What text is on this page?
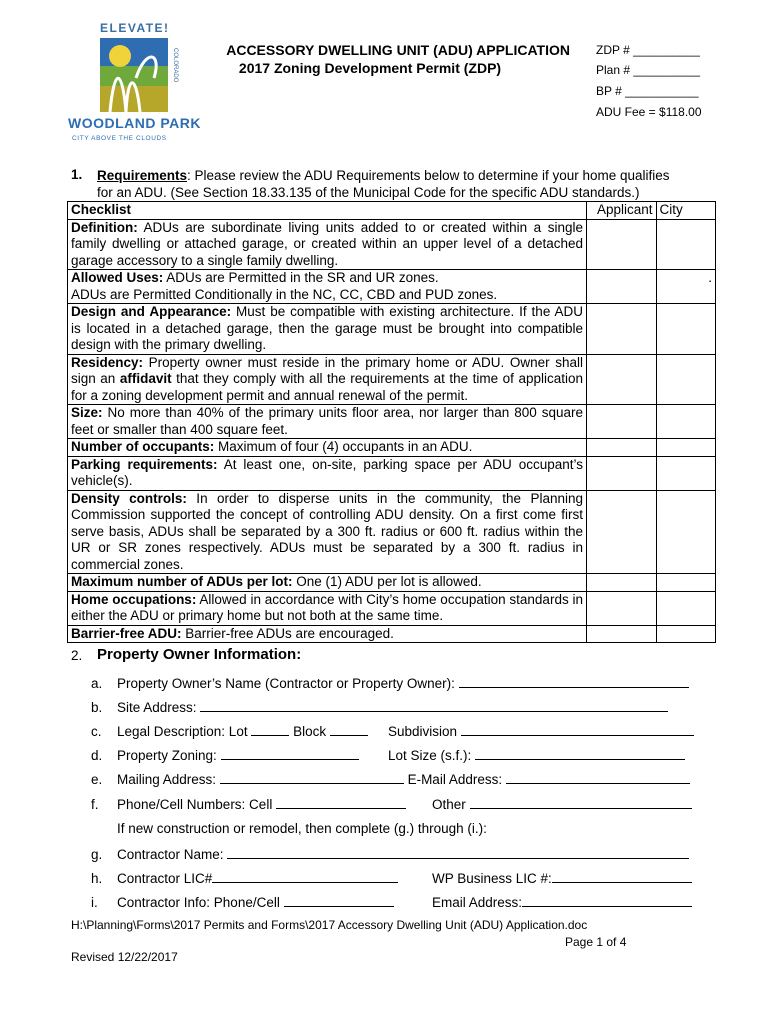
ELEVATE!
COLORADO
WOODLAND PARK
CITY ABOVE THE CLOUDS
ACCESSORY DWELLING UNIT (ADU) APPLICATION
2017 Zoning Development Permit (ZDP)
ZDP # __________
Plan # __________
BP # ___________
ADU Fee = $118.00
1. Requirements: Please review the ADU Requirements below to determine if your home qualifies
for an ADU. (See Section 18.33.135 of the Municipal Code for the specific ADU standards.)
Checklist	Applicant	City
Definition: ADUs are subordinate living units added to or created within a single family dwelling or attached garage, or created within an upper level of a detached garage accessory to a single family dwelling.		
Allowed Uses: ADUs are Permitted in the SR and UR zones.
ADUs are Permitted Conditionally in the NC, CC, CBD and PUD zones.		.
Design and Appearance: Must be compatible with existing architecture. If the ADU is located in a detached garage, then the garage must be brought into compatible design with the primary dwelling.		
Residency: Property owner must reside in the primary home or ADU. Owner shall sign an affidavit that they comply with all the requirements at the time of application for a zoning development permit and annual renewal of the permit.		
Size: No more than 40% of the primary units floor area, nor larger than 800 square feet or smaller than 400 square feet.		
Number of occupants: Maximum of four (4) occupants in an ADU.		
Parking requirements: At least one, on-site, parking space per ADU occupant’s vehicle(s).		
Density controls: In order to disperse units in the community, the Planning Commission supported the concept of controlling ADU density. On a first come first serve basis, ADUs shall be separated by a 300 ft. radius or 600 ft. radius within the UR or SR zones respectively. ADUs must be separated by a 300 ft. radius in commercial zones.		
Maximum number of ADUs per lot: One (1) ADU per lot is allowed.		
Home occupations: Allowed in accordance with City’s home occupation standards in either the ADU or primary home but not both at the same time.		
Barrier-free ADU: Barrier-free ADUs are encouraged.		
2. Property Owner Information:
a. Property Owner’s Name (Contractor or Property Owner):
b. Site Address:
c. Legal Description: Lot	Block	Subdivision
d. Property Zoning:	Lot Size (s.f.):
e. Mailing Address:	E-Mail Address:
f. Phone/Cell Numbers: Cell	Other
If new construction or remodel, then complete (g.) through (i.):
g. Contractor Name:
h. Contractor LIC#	WP Business LIC #:
i. Contractor Info: Phone/Cell	Email Address:
H:\Planning\Forms\2017 Permits and Forms\2017 Accessory Dwelling Unit (ADU) Application.doc
Page 1 of 4
Revised 12/22/2017
